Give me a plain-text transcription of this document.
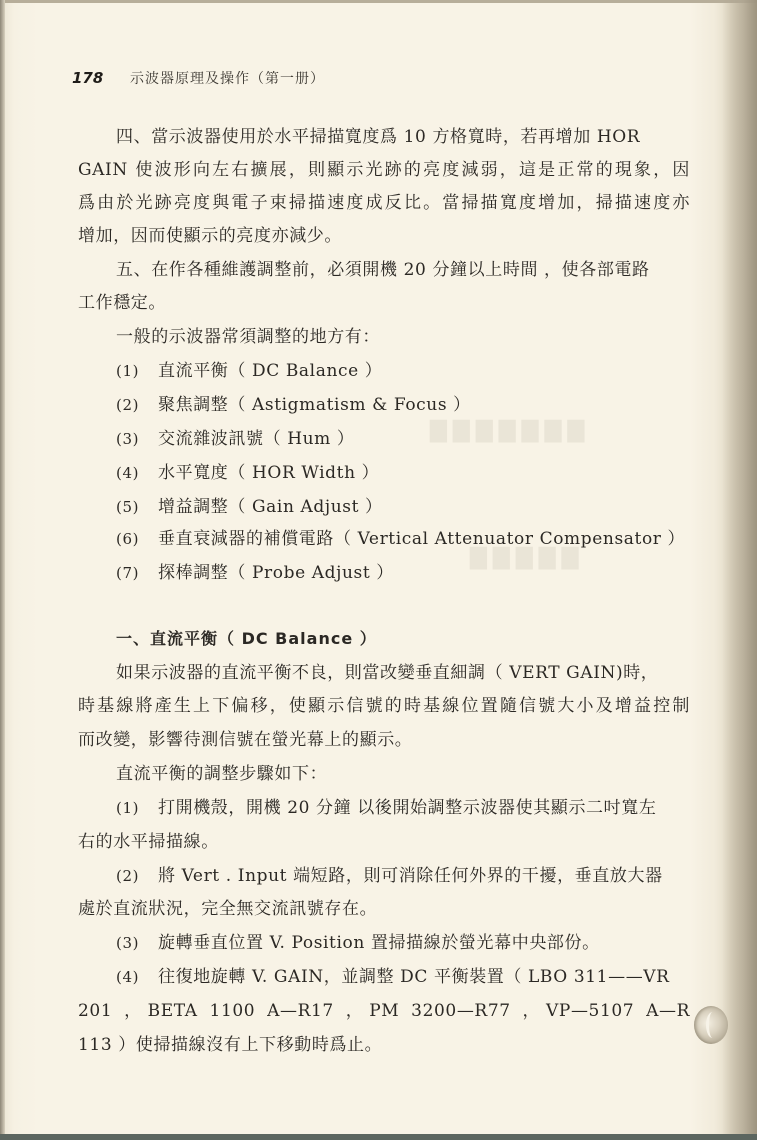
▇▇▇▇▇▇▇
▇▇▇▇▇
178	示波器原理及操作（第一册）
四、當示波器使用於水平掃描寬度爲 10 方格寬時，若再增加 HOR
GAIN 使波形向左右擴展，則顯示光跡的亮度減弱，這是正常的現象，因
爲由於光跡亮度與電子束掃描速度成反比。當掃描寬度增加，掃描速度亦
增加，因而使顯示的亮度亦減少。
五、在作各種維護調整前，必須開機 20 分鐘以上時間 ，使各部電路
工作穩定。
一般的示波器常須調整的地方有：
(1)	直流平衡（ DC Balance ）
(2)	聚焦調整（ Astigmatism & Focus ）
(3)	交流雜波訊號（ Hum ）
(4)	水平寬度（ HOR Width ）
(5)	增益調整（ Gain Adjust ）
(6)	垂直衰減器的補償電路（ Vertical Attenuator Compensator ）
(7)	探棒調整（ Probe Adjust ）
一、直流平衡（ DC Balance ）
如果示波器的直流平衡不良，則當改變垂直細調（ VERT GAIN)時，
時基線將產生上下偏移，使顯示信號的時基線位置隨信號大小及增益控制
而改變，影響待測信號在螢光幕上的顯示。
直流平衡的調整步驟如下：
(1)	打開機殼，開機 20 分鐘 以後開始調整示波器使其顯示二吋寬左
右的水平掃描線。
(2)	將 Vert . Input 端短路，則可消除任何外界的干擾，垂直放大器
處於直流狀況，完全無交流訊號存在。
(3)	旋轉垂直位置 V. Position 置掃描線於螢光幕中央部份。
(4)	往復地旋轉 V. GAIN，並調整 DC 平衡裝置（ LBO 311——VR
201 ，BETA 1100 A—R17 ，PM 3200—R77 ，VP—5107 A—R
113 ）使掃描線沒有上下移動時爲止。
